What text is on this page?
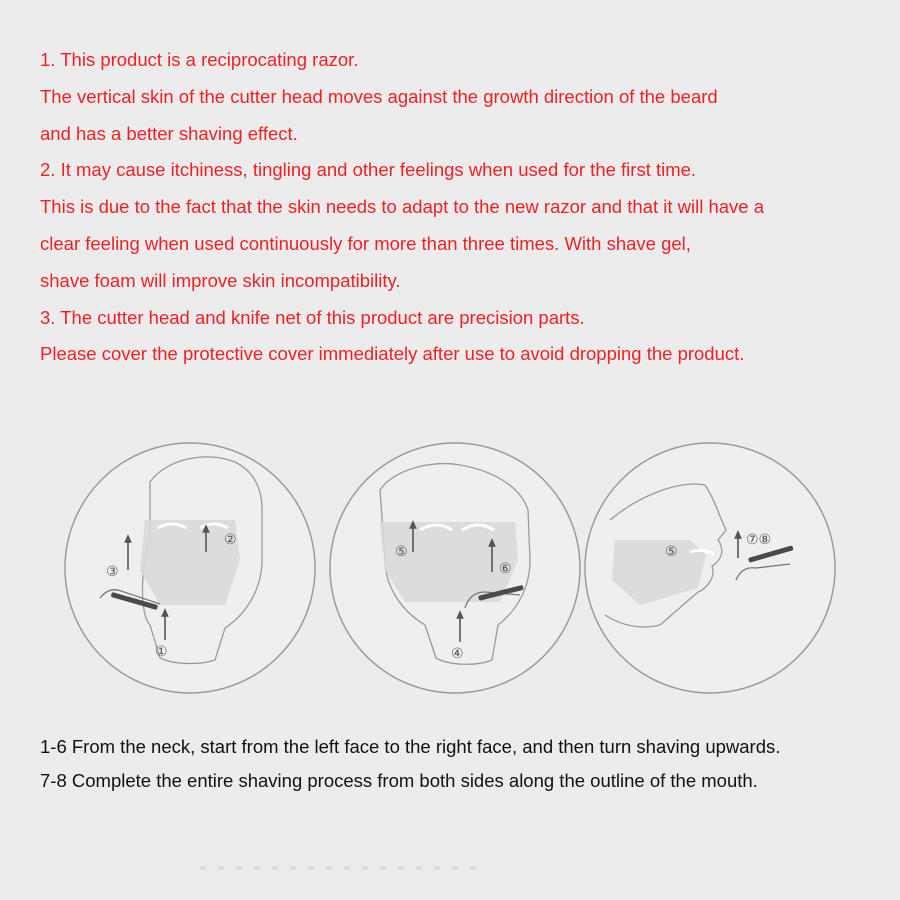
1. This product is a reciprocating razor.

The vertical skin of the cutter head moves against the growth direction of the beard

and has a better shaving effect.

2. It may cause itchiness, tingling and other feelings when used for the first time.

This is due to the fact that the skin needs to adapt to the new razor and that it will have a

clear feeling when used continuously for more than three times. With shave gel,

shave foam will improve skin incompatibility.

3. The cutter head and knife net of this product are precision parts.

Please cover the protective cover immediately after use to avoid dropping the product.

②
③
①
⑤
⑥
④
⑤
⑦⑧

1-6 From the neck, start from the left face to the right face, and then turn shaving upwards.

7-8 Complete the entire shaving process from both sides along the outline of the mouth.
